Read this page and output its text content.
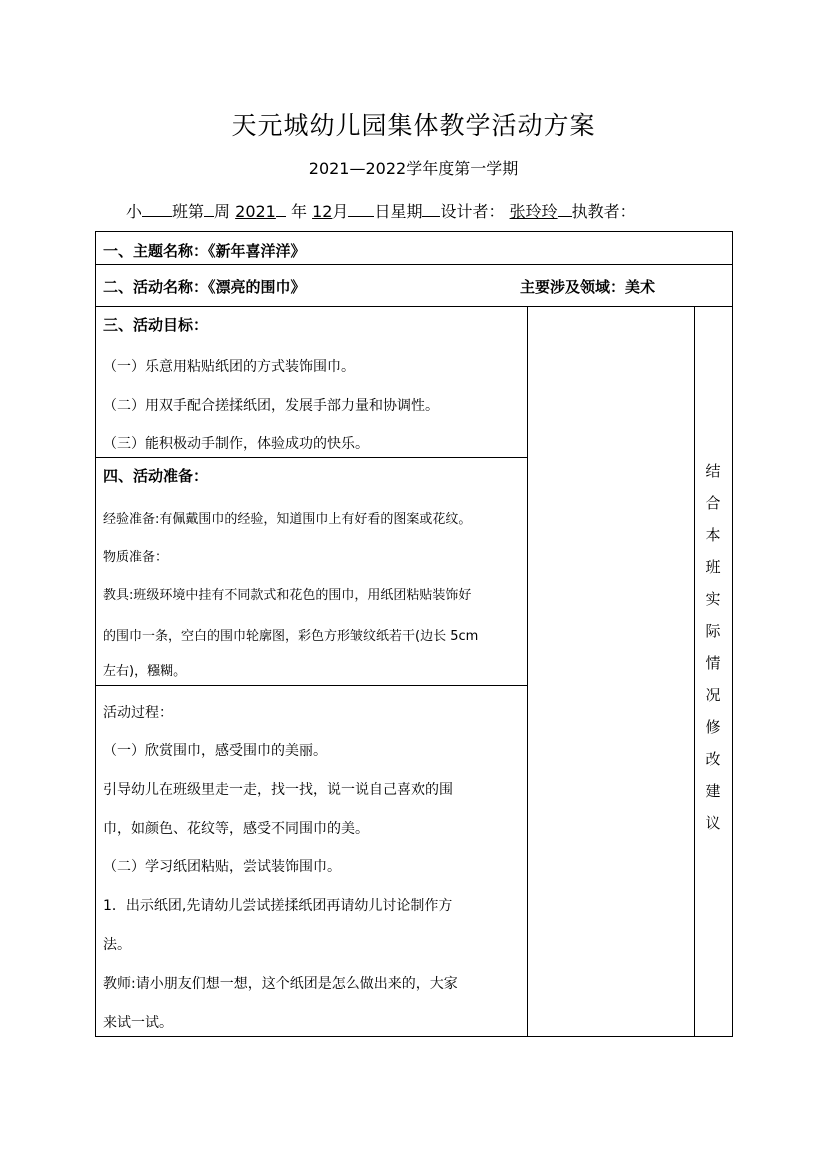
天元城幼儿园集体教学活动方案
2021—2022学年度第一学期
小 班第 周 2021 年 12月 日星期 设计者： 张玲玲 执教者：
一、主题名称：《新年喜洋洋》
二、活动名称：《漂亮的围巾》	主要涉及领域：美术
三、活动目标：
（一）乐意用粘贴纸团的方式装饰围巾。
（二）用双手配合搓揉纸团，发展手部力量和协调性。
（三）能积极动手制作，体验成功的快乐。
四、活动准备：
经验准备:有佩戴围巾的经验，知道围巾上有好看的图案或花纹。
物质准备：
教具:班级环境中挂有不同款式和花色的围巾，用纸团粘贴装饰好
的围巾一条，空白的围巾轮廓图，彩色方形皱纹纸若干(边长 5cm
左右)，糨糊。
活动过程：
（一）欣赏围巾，感受围巾的美丽。
引导幼儿在班级里走一走，找一找，说一说自己喜欢的围
巾，如颜色、花纹等，感受不同围巾的美。
（二）学习纸团粘贴，尝试装饰围巾。
1．出示纸团,先请幼儿尝试搓揉纸团再请幼儿讨论制作方
法。
教师:请小朋友们想一想，这个纸团是怎么做出来的，大家
来试一试。
结
合
本
班
实
际
情
况
修
改
建
议
